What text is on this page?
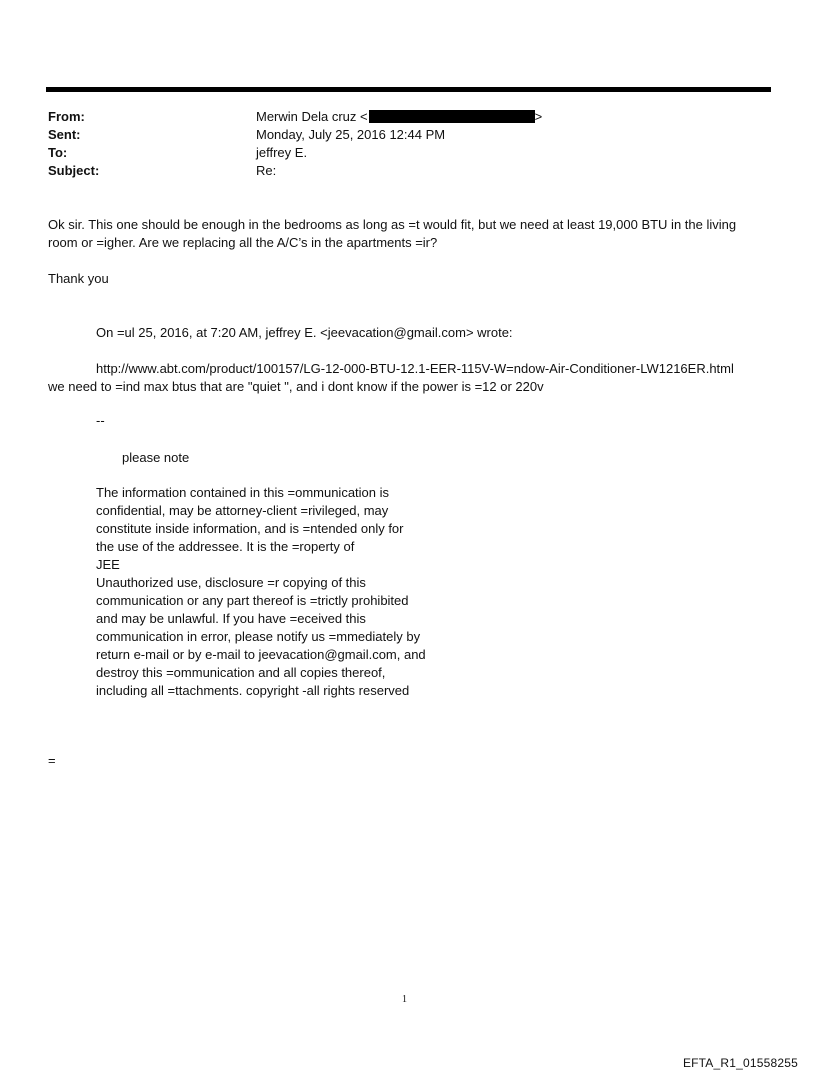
From:	Merwin Dela cruz <	>
Sent:	Monday, July 25, 2016 12:44 PM
To:	jeffrey E.
Subject:	Re:
Ok sir. This one should be enough in the bedrooms as long as =t would fit, but we need at least 19,000 BTU in the living room or =igher. Are we replacing all the A/C’s in the apartments =ir?
Thank you
On =ul 25, 2016, at 7:20 AM, jeffrey E. <jeevacation@gmail.com> wrote:
http://www.abt.com/product/100157/LG-12-000-BTU-12.1-EER-115V-W=ndow-Air-Conditioner-LW1216ER.html
we need to =ind max btus that are "quiet ", and i dont know if the power is =12 or 220v
--
please note
The information contained in this =ommunication is
confidential, may be attorney-client =rivileged, may
constitute inside information, and is =ntended only for
the use of the addressee. It is the =roperty of
JEE
Unauthorized use, disclosure =r copying of this
communication or any part thereof is =trictly prohibited
and may be unlawful. If you have =eceived this
communication in error, please notify us =mmediately by
return e-mail or by e-mail to jeevacation@gmail.com, and
destroy this =ommunication and all copies thereof,
including all =ttachments. copyright -all rights reserved
=
1
EFTA_R1_01558255
